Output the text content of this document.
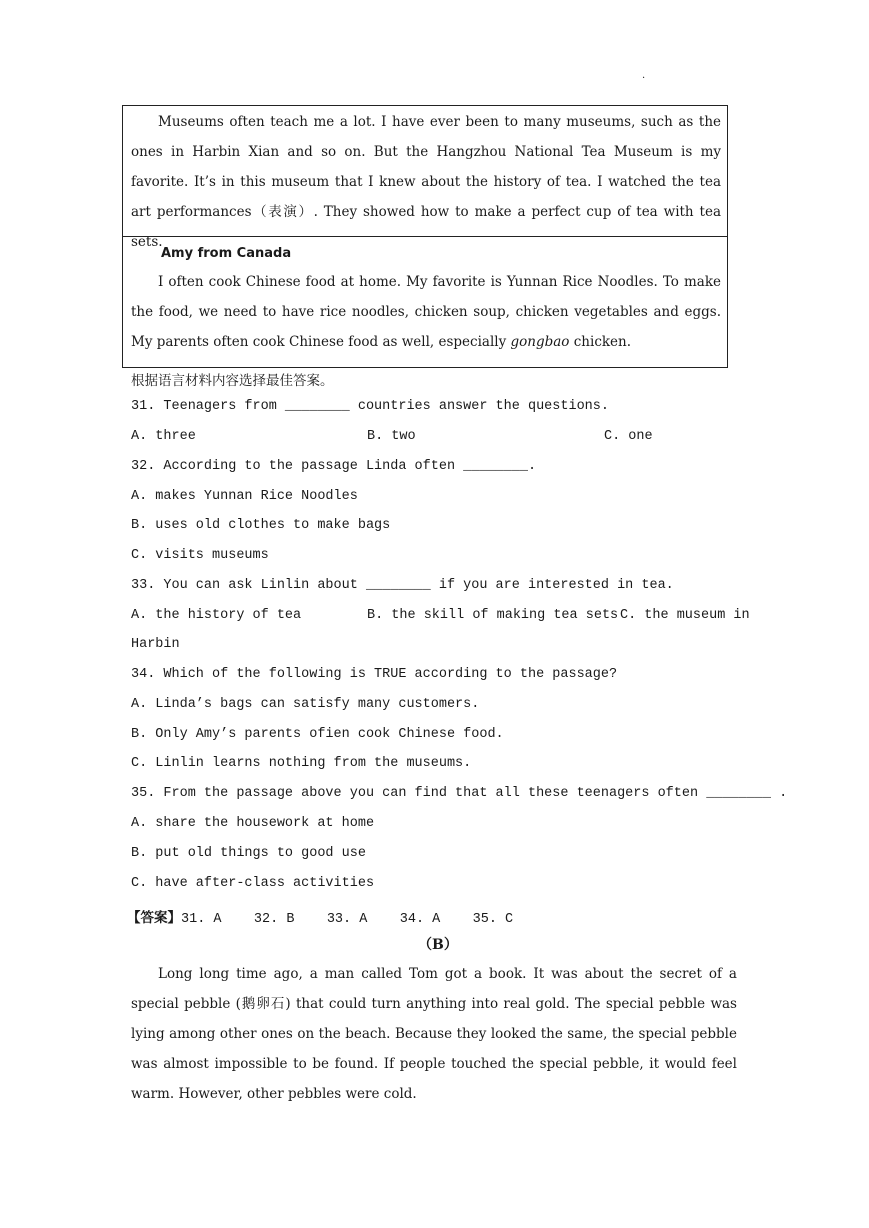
.
Museums often teach me a lot. I have ever been to many museums, such as the ones in Harbin Xian and so on. But the Hangzhou National Tea Museum is my favorite. It’s in this museum that I knew about the history of tea. I watched the tea art performances（表演）. They showed how to make a perfect cup of tea with tea sets.
Amy from Canada
I often cook Chinese food at home. My favorite is Yunnan Rice Noodles. To make the food, we need to have rice noodles, chicken soup, chicken vegetables and eggs. My parents often cook Chinese food as well, especially gongbao chicken.
根据语言材料内容选择最佳答案。
31. Teenagers from ________ countries answer the questions.
A. three	B. two	C. one
32. According to the passage Linda often ________.
A. makes Yunnan Rice Noodles
B. uses old clothes to make bags
C. visits museums
33. You can ask Linlin about ________ if you are interested in tea.
A. the history of tea	B. the skill of making tea sets C. the museum in
Harbin
34. Which of the following is TRUE according to the passage?
A. Linda’s bags can satisfy many customers.
B. Only Amy’s parents ofien cook Chinese food.
C. Linlin learns nothing from the museums.
35. From the passage above you can find that all these teenagers often ________ .
A. share the housework at home
B. put old things to good use
C. have after-class activities
【答案】31. A    32. B    33. A    34. A    35. C
（B）
Long long time ago, a man called Tom got a book. It was about the secret of a special pebble (鹅卵石) that could turn anything into real gold. The special pebble was lying among other ones on the beach. Because they looked the same, the special pebble was almost impossible to be found. If people touched the special pebble, it would feel warm. However, other pebbles were cold.
